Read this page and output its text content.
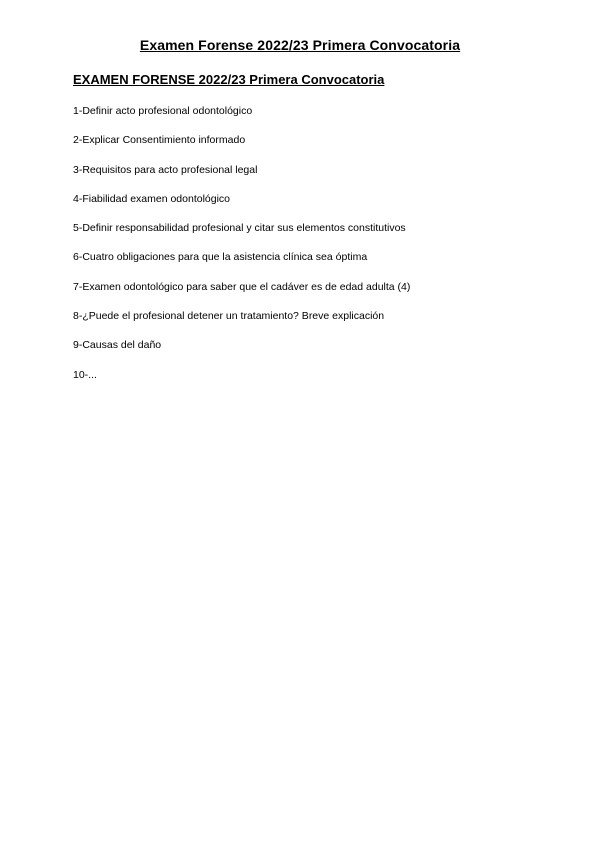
Examen Forense 2022/23 Primera Convocatoria
EXAMEN FORENSE 2022/23 Primera Convocatoria
1-Definir acto profesional odontológico
2-Explicar Consentimiento informado
3-Requisitos para acto profesional legal
4-Fiabilidad examen odontológico
5-Definir responsabilidad profesional y citar sus elementos constitutivos
6-Cuatro obligaciones para que la asistencia clínica sea óptima
7-Examen odontológico para saber que el cadáver es de edad adulta (4)
8-¿Puede el profesional detener un tratamiento? Breve explicación
9-Causas del daño
10-...
